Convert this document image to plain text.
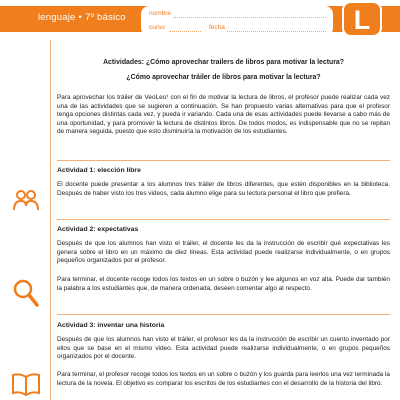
lenguaje • 7º básico	nombre
curso	fecha	L

Actividades: ¿Cómo aprovechar trailers de libros para motivar la lectura?

¿Cómo aprovechar tráiler de libros para motivar la lectura?

Para aprovechar los tráiler de VeoLeo¹ con el fin de motivar la lectura de libros, el profesor puede realizar cada vez una de las actividades que se sugieren a continuación. Se han propuesto varias alternativas para que el profesor tenga opciones distintas cada vez, y pueda ir variando. Cada una de esas actividades puede llevarse a cabo más de una oportunidad, y para promover la lectura de distintos libros. De todos modos, es indispensable que no se repitan de manera seguida, puesto que esto disminuiría la motivación de los estudiantes.

Actividad 1: elección libre

El docente puede presentar a los alumnos tres tráiler de libros diferentes, que estén disponibles en la biblioteca. Después de haber visto los tres videos, cada alumno elige para su lectura personal el libro que prefiera.

Actividad 2: expectativas

Después de que los alumnos han visto el tráiler, el docente les da la instrucción de escribir qué expectativas les genera sobre el libro en un máximo de diez líneas. Esta actividad puede realizarse individualmente, o en grupos pequeños organizados por el profesor.

Para terminar, el docente recoge todos los textos en un sobre o buzón y lee algunos en voz alta. Puede dar también la palabra a los estudiantes que, de manera ordenada, deseen comentar algo al respecto.

Actividad 3: inventar una historia

Después de que los alumnos han visto el tráiler, el profesor les da la instrucción de escribir un cuento inventado por ellos que se base en el mismo video. Esta actividad puede realizarse individualmente, o en grupos pequeños organizados por el docente.

Para terminar, el profesor recoge todos los textos en un sobre o buzón y los guarda para leerlos una vez terminada la lectura de la novela. El objetivo es comparar los escritos de los estudiantes con el desarrollo de la historia del libro.
